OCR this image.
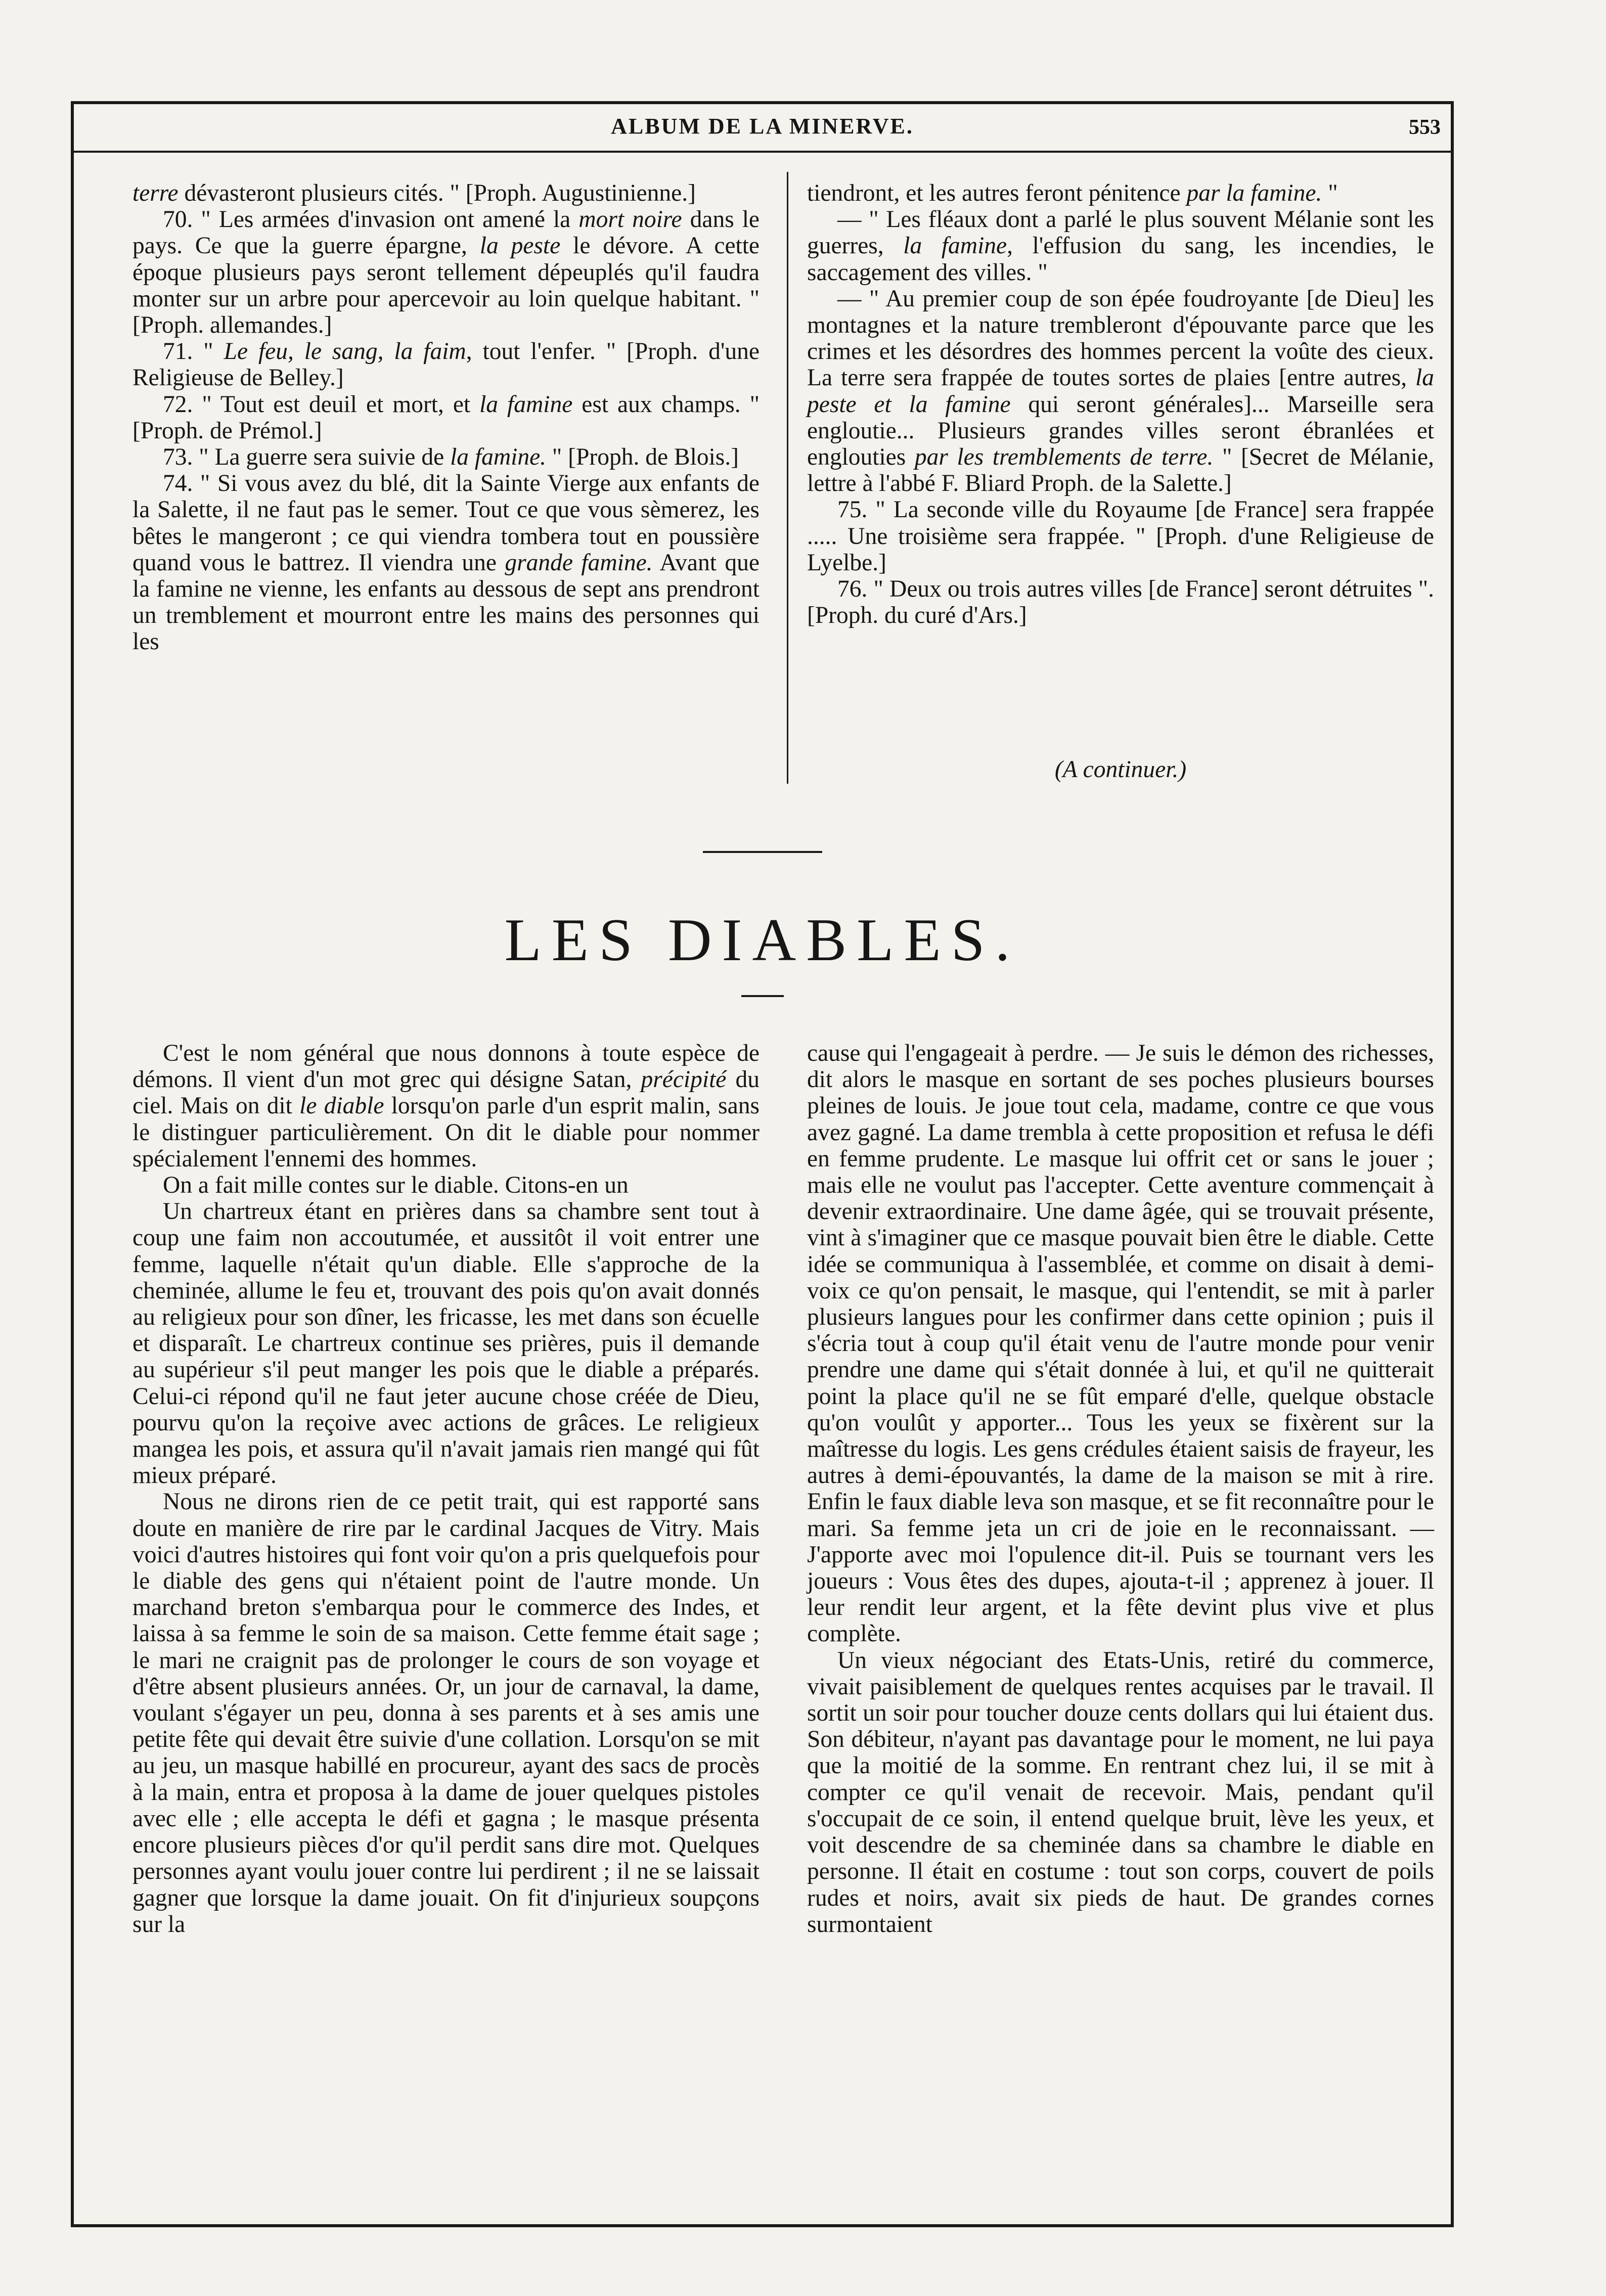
ALBUM DE LA MINERVE.	553

terre dévasteront plusieurs cités. " [Proph. Augustinienne.]

70. " Les armées d'invasion ont amené la mort noire dans le pays. Ce que la guerre épargne, la peste le dévore. A cette époque plusieurs pays seront tellement dépeuplés qu'il faudra monter sur un arbre pour apercevoir au loin quelque habitant. " [Proph. allemandes.]

71. " Le feu, le sang, la faim, tout l'enfer. " [Proph. d'une Religieuse de Belley.]

72. " Tout est deuil et mort, et la famine est aux champs. " [Proph. de Prémol.]

73. " La guerre sera suivie de la famine. " [Proph. de Blois.]

74. " Si vous avez du blé, dit la Sainte Vierge aux enfants de la Salette, il ne faut pas le semer. Tout ce que vous sèmerez, les bêtes le mangeront ; ce qui viendra tombera tout en poussière quand vous le battrez. Il viendra une grande famine. Avant que la famine ne vienne, les enfants au dessous de sept ans prendront un tremblement et mourront entre les mains des personnes qui les

tiendront, et les autres feront pénitence par la famine. "

— " Les fléaux dont a parlé le plus souvent Mélanie sont les guerres, la famine, l'effusion du sang, les incendies, le saccagement des villes. "

— " Au premier coup de son épée foudroyante [de Dieu] les montagnes et la nature trembleront d'épouvante parce que les crimes et les désordres des hommes percent la voûte des cieux. La terre sera frappée de toutes sortes de plaies [entre autres, la peste et la famine qui seront générales]... Marseille sera engloutie... Plusieurs grandes villes seront ébranlées et englouties par les tremblements de terre. " [Secret de Mélanie, lettre à l'abbé F. Bliard Proph. de la Salette.]

75. " La seconde ville du Royaume [de France] sera frappée ..... Une troisième sera frappée. " [Proph. d'une Religieuse de Lyelbe.]

76. " Deux ou trois autres villes [de France] seront détruites ". [Proph. du curé d'Ars.]

(A continuer.)

LES DIABLES.

C'est le nom général que nous donnons à toute espèce de démons. Il vient d'un mot grec qui désigne Satan, précipité du ciel. Mais on dit le diable lorsqu'on parle d'un esprit malin, sans le distinguer particulièrement. On dit le diable pour nommer spécialement l'ennemi des hommes.

On a fait mille contes sur le diable. Citons-en un

Un chartreux étant en prières dans sa chambre sent tout à coup une faim non accoutumée, et aussitôt il voit entrer une femme, laquelle n'était qu'un diable. Elle s'approche de la cheminée, allume le feu et, trouvant des pois qu'on avait donnés au religieux pour son dîner, les fricasse, les met dans son écuelle et disparaît. Le chartreux continue ses prières, puis il demande au supérieur s'il peut manger les pois que le diable a préparés. Celui-ci répond qu'il ne faut jeter aucune chose créée de Dieu, pourvu qu'on la reçoive avec actions de grâces. Le religieux mangea les pois, et assura qu'il n'avait jamais rien mangé qui fût mieux préparé.

Nous ne dirons rien de ce petit trait, qui est rapporté sans doute en manière de rire par le cardinal Jacques de Vitry. Mais voici d'autres histoires qui font voir qu'on a pris quelquefois pour le diable des gens qui n'étaient point de l'autre monde. Un marchand breton s'embarqua pour le commerce des Indes, et laissa à sa femme le soin de sa maison. Cette femme était sage ; le mari ne craignit pas de prolonger le cours de son voyage et d'être absent plusieurs années. Or, un jour de carnaval, la dame, voulant s'égayer un peu, donna à ses parents et à ses amis une petite fête qui devait être suivie d'une collation. Lorsqu'on se mit au jeu, un masque habillé en procureur, ayant des sacs de procès à la main, entra et proposa à la dame de jouer quelques pistoles avec elle ; elle accepta le défi et gagna ; le masque présenta encore plusieurs pièces d'or qu'il perdit sans dire mot. Quelques personnes ayant voulu jouer contre lui perdirent ; il ne se laissait gagner que lorsque la dame jouait. On fit d'injurieux soupçons sur la

cause qui l'engageait à perdre. — Je suis le démon des richesses, dit alors le masque en sortant de ses poches plusieurs bourses pleines de louis. Je joue tout cela, madame, contre ce que vous avez gagné. La dame trembla à cette proposition et refusa le défi en femme prudente. Le masque lui offrit cet or sans le jouer ; mais elle ne voulut pas l'accepter. Cette aventure commençait à devenir extraordinaire. Une dame âgée, qui se trouvait présente, vint à s'imaginer que ce masque pouvait bien être le diable. Cette idée se communiqua à l'assemblée, et comme on disait à demi-voix ce qu'on pensait, le masque, qui l'entendit, se mit à parler plusieurs langues pour les confirmer dans cette opinion ; puis il s'écria tout à coup qu'il était venu de l'autre monde pour venir prendre une dame qui s'était donnée à lui, et qu'il ne quitterait point la place qu'il ne se fût emparé d'elle, quelque obstacle qu'on voulût y apporter... Tous les yeux se fixèrent sur la maîtresse du logis. Les gens crédules étaient saisis de frayeur, les autres à demi-épouvantés, la dame de la maison se mit à rire. Enfin le faux diable leva son masque, et se fit reconnaître pour le mari. Sa femme jeta un cri de joie en le reconnaissant. — J'apporte avec moi l'opulence dit-il. Puis se tournant vers les joueurs : Vous êtes des dupes, ajouta-t-il ; apprenez à jouer. Il leur rendit leur argent, et la fête devint plus vive et plus complète.

Un vieux négociant des Etats-Unis, retiré du commerce, vivait paisiblement de quelques rentes acquises par le travail. Il sortit un soir pour toucher douze cents dollars qui lui étaient dus. Son débiteur, n'ayant pas davantage pour le moment, ne lui paya que la moitié de la somme. En rentrant chez lui, il se mit à compter ce qu'il venait de recevoir. Mais, pendant qu'il s'occupait de ce soin, il entend quelque bruit, lève les yeux, et voit descendre de sa cheminée dans sa chambre le diable en personne. Il était en costume : tout son corps, couvert de poils rudes et noirs, avait six pieds de haut. De grandes cornes surmontaient
